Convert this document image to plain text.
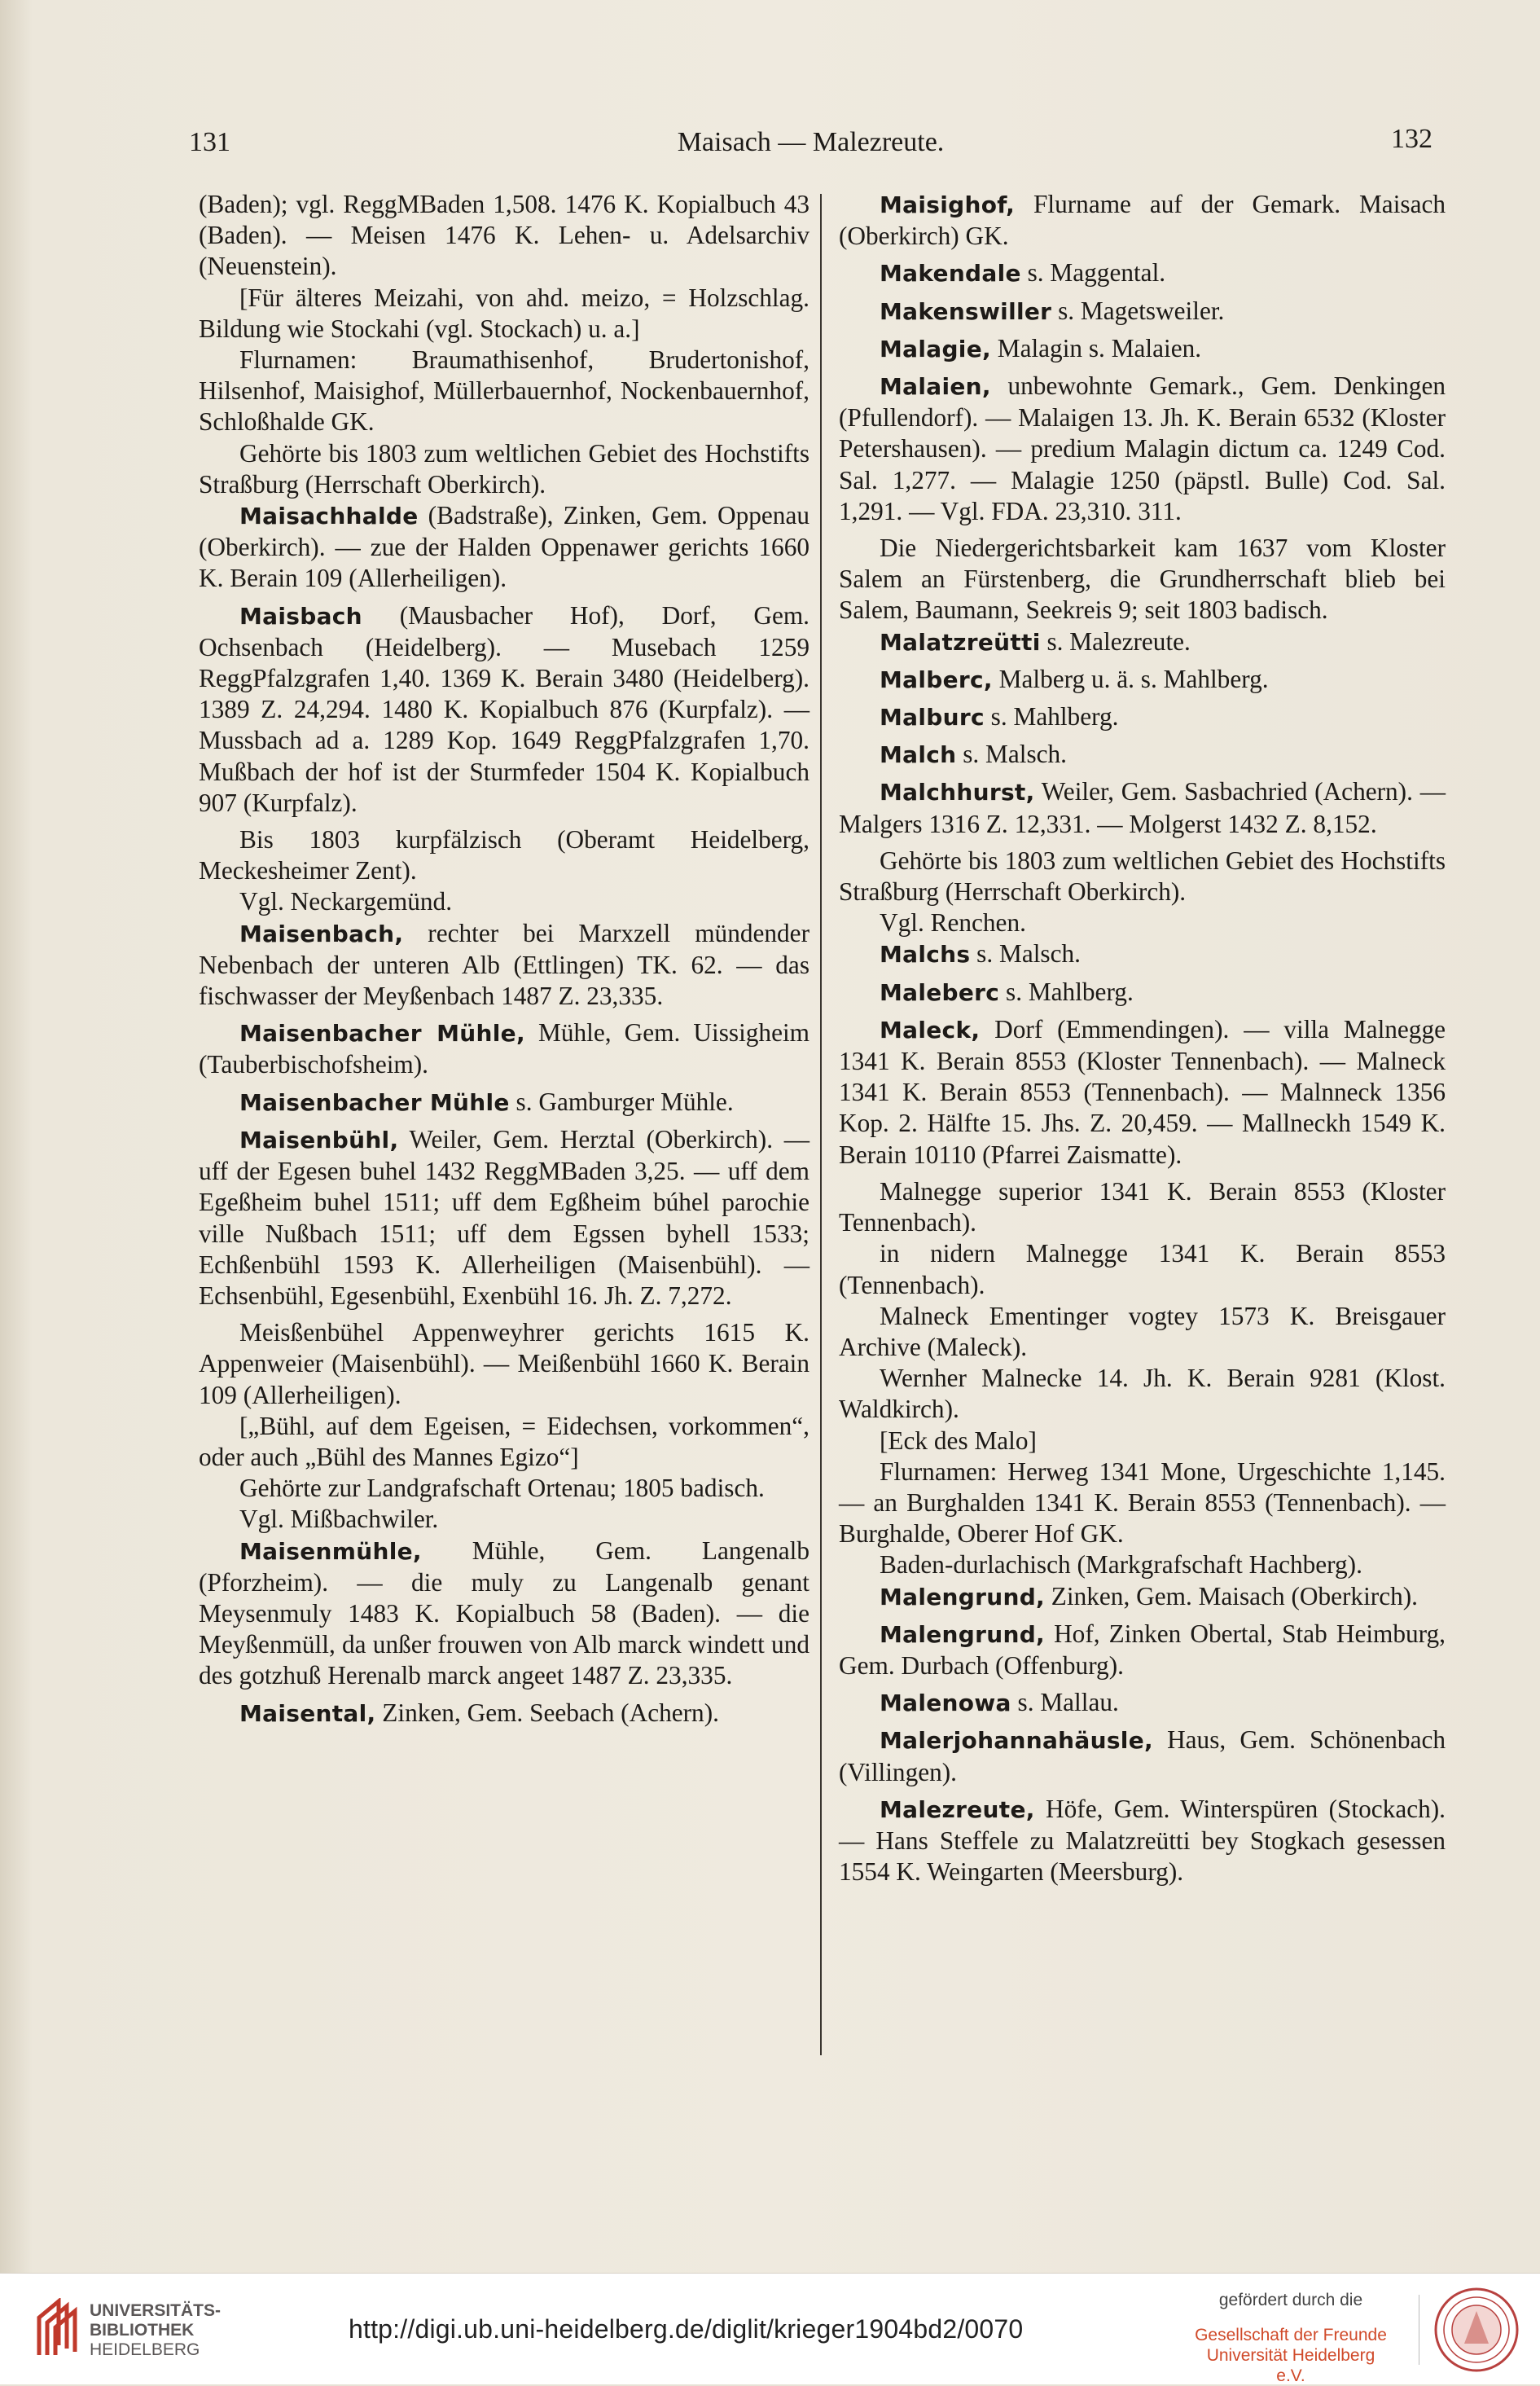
131	Maisach — Malezreute.	132

(Baden); vgl. ReggMBaden 1,508. 1476 K. Kopialbuch 43 (Baden). — Meisen 1476 K. Lehen- u. Adelsarchiv (Neuenstein).

[Für älteres Meizahi, von ahd. meizo, = Holzschlag. Bildung wie Stockahi (vgl. Stockach) u. a.]

Flurnamen: Braumathisenhof, Brudertonishof, Hilsenhof, Maisighof, Müllerbauernhof, Nockenbauernhof, Schloßhalde GK.

Gehörte bis 1803 zum weltlichen Gebiet des Hochstifts Straßburg (Herrschaft Oberkirch).

Maisachhalde (Badstraße), Zinken, Gem. Oppenau (Oberkirch). — zue der Halden Oppenawer gerichts 1660 K. Berain 109 (Allerheiligen).

Maisbach (Mausbacher Hof), Dorf, Gem. Ochsenbach (Heidelberg). — Musebach 1259 ReggPfalzgrafen 1,40. 1369 K. Berain 3480 (Heidelberg). 1389 Z. 24,294. 1480 K. Kopialbuch 876 (Kurpfalz). — Mussbach ad a. 1289 Kop. 1649 ReggPfalzgrafen 1,70. Mußbach der hof ist der Sturmfeder 1504 K. Kopialbuch 907 (Kurpfalz).

Bis 1803 kurpfälzisch (Oberamt Heidelberg, Meckesheimer Zent).

Vgl. Neckargemünd.

Maisenbach, rechter bei Marxzell mündender Nebenbach der unteren Alb (Ettlingen) TK. 62. — das fischwasser der Meyßenbach 1487 Z. 23,335.

Maisenbacher Mühle, Mühle, Gem. Uissigheim (Tauberbischofsheim).

Maisenbacher Mühle s. Gamburger Mühle.

Maisenbühl, Weiler, Gem. Herztal (Oberkirch). — uff der Egesen buhel 1432 ReggMBaden 3,25. — uff dem Egeßheim buhel 1511; uff dem Egßheim búhel parochie ville Nußbach 1511; uff dem Egssen byhell 1533; Echßenbühl 1593 K. Allerheiligen (Maisenbühl). — Echsenbühl, Egesenbühl, Exenbühl 16. Jh. Z. 7,272.

Meisßenbühel Appenweyhrer gerichts 1615 K. Appenweier (Maisenbühl). — Meißenbühl 1660 K. Berain 109 (Allerheiligen).

[„Bühl, auf dem Egeisen, = Eidechsen, vorkommen“, oder auch „Bühl des Mannes Egizo“]

Gehörte zur Landgrafschaft Ortenau; 1805 badisch.

Vgl. Mißbachwiler.

Maisenmühle, Mühle, Gem. Langenalb (Pforzheim). — die muly zu Langenalb genant Meysenmuly 1483 K. Kopialbuch 58 (Baden). — die Meyßenmüll, da unßer frouwen von Alb marck windett und des gotzhuß Herenalb marck angeet 1487 Z. 23,335.

Maisental, Zinken, Gem. Seebach (Achern).

Maisighof, Flurname auf der Gemark. Maisach (Oberkirch) GK.

Makendale s. Maggental.

Makenswiller s. Magetsweiler.

Malagie, Malagin s. Malaien.

Malaien, unbewohnte Gemark., Gem. Denkingen (Pfullendorf). — Malaigen 13. Jh. K. Berain 6532 (Kloster Petershausen). — predium Malagin dictum ca. 1249 Cod. Sal. 1,277. — Malagie 1250 (päpstl. Bulle) Cod. Sal. 1,291. — Vgl. FDA. 23,310. 311.

Die Niedergerichtsbarkeit kam 1637 vom Kloster Salem an Fürstenberg, die Grundherrschaft blieb bei Salem, Baumann, Seekreis 9; seit 1803 badisch.

Malatzreütti s. Malezreute.

Malberc, Malberg u. ä. s. Mahlberg.

Malburc s. Mahlberg.

Malch s. Malsch.

Malchhurst, Weiler, Gem. Sasbachried (Achern). — Malgers 1316 Z. 12,331. — Molgerst 1432 Z. 8,152.

Gehörte bis 1803 zum weltlichen Gebiet des Hochstifts Straßburg (Herrschaft Oberkirch).

Vgl. Renchen.

Malchs s. Malsch.

Maleberc s. Mahlberg.

Maleck, Dorf (Emmendingen). — villa Malnegge 1341 K. Berain 8553 (Kloster Tennenbach). — Malneck 1341 K. Berain 8553 (Tennenbach). — Malnneck 1356 Kop. 2. Hälfte 15. Jhs. Z. 20,459. — Mallneckh 1549 K. Berain 10110 (Pfarrei Zaismatte).

Malnegge superior 1341 K. Berain 8553 (Kloster Tennenbach).

in nidern Malnegge 1341 K. Berain 8553 (Tennenbach).

Malneck Ementinger vogtey 1573 K. Breisgauer Archive (Maleck).

Wernher Malnecke 14. Jh. K. Berain 9281 (Klost. Waldkirch).

[Eck des Malo]

Flurnamen: Herweg 1341 Mone, Urgeschichte 1,145. — an Burghalden 1341 K. Berain 8553 (Tennenbach). — Burghalde, Oberer Hof GK.

Baden-durlachisch (Markgrafschaft Hachberg).

Malengrund, Zinken, Gem. Maisach (Oberkirch).

Malengrund, Hof, Zinken Obertal, Stab Heimburg, Gem. Durbach (Offenburg).

Malenowa s. Mallau.

Malerjohannahäusle, Haus, Gem. Schönenbach (Villingen).

Malezreute, Höfe, Gem. Winterspüren (Stockach). — Hans Steffele zu Malatzreütti bey Stogkach gesessen 1554 K. Weingarten (Meersburg).

UNIVERSITÄTS-
BIBLIOTHEK
HEIDELBERG
http://digi.ub.uni-heidelberg.de/diglit/krieger1904bd2/0070
gefördert durch die
Gesellschaft der Freunde
Universität Heidelberg e.V.
